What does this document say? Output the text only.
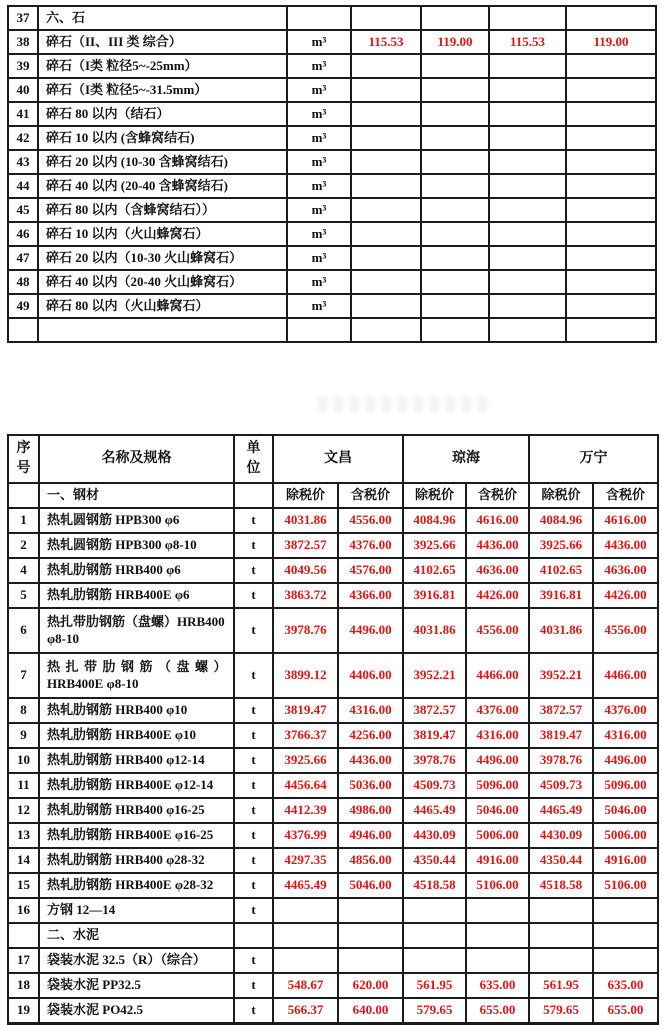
37	六、石					

38	碎石（II、III 类 综合）	m³	115.53	119.00	115.53	119.00
39	碎石（I类 粒径5~-25mm）	m³				
40	碎石（I类 粒径5~-31.5mm）	m³				
41	碎石 80 以内（结石）	m³				
42	碎石 10 以内 (含蜂窝结石)	m³				
43	碎石 20 以内 (10-30 含蜂窝结石)	m³				
44	碎石 40 以内 (20-40 含蜂窝结石)	m³				
45	碎石 80 以内（含蜂窝结石））	m³				
46	碎石 10 以内（火山蜂窝石）	m³				
47	碎石 20 以内（10-30 火山蜂窝石）	m³				
48	碎石 40 以内（20-40 火山蜂窝石）	m³				
49	碎石 80 以内（火山蜂窝石）	m³				

序号	名称及规格	单位	文昌		琼海		万宁	

	一、钢材		除税价	含税价	除税价	含税价	除税价	含税价
1	热轧圆钢筋 HPB300 φ6	t	4031.86	4556.00	4084.96	4616.00	4084.96	4616.00
2	热轧圆钢筋 HPB300 φ8-10	t	3872.57	4376.00	3925.66	4436.00	3925.66	4436.00
4	热轧肋钢筋 HRB400 φ6	t	4049.56	4576.00	4102.65	4636.00	4102.65	4636.00
5	热轧肋钢筋 HRB400E φ6	t	3863.72	4366.00	3916.81	4426.00	3916.81	4426.00
6	热扎带肋钢筋（盘螺）HRB400
φ8-10	t	3978.76	4496.00	4031.86	4556.00	4031.86	4556.00
7	热扎带肋钢筋（盘螺）
HRB400E φ8-10	t	3899.12	4406.00	3952.21	4466.00	3952.21	4466.00
8	热轧肋钢筋 HRB400 φ10	t	3819.47	4316.00	3872.57	4376.00	3872.57	4376.00
9	热轧肋钢筋 HRB400E φ10	t	3766.37	4256.00	3819.47	4316.00	3819.47	4316.00
10	热轧肋钢筋 HRB400 φ12-14	t	3925.66	4436.00	3978.76	4496.00	3978.76	4496.00
11	热轧肋钢筋 HRB400E φ12-14	t	4456.64	5036.00	4509.73	5096.00	4509.73	5096.00
12	热轧肋钢筋 HRB400 φ16-25	t	4412.39	4986.00	4465.49	5046.00	4465.49	5046.00
13	热轧肋钢筋 HRB400E φ16-25	t	4376.99	4946.00	4430.09	5006.00	4430.09	5006.00
14	热轧肋钢筋 HRB400 φ28-32	t	4297.35	4856.00	4350.44	4916.00	4350.44	4916.00
15	热轧肋钢筋 HRB400E φ28-32	t	4465.49	5046.00	4518.58	5106.00	4518.58	5106.00
16	方钢 12—14	t						

	二、水泥							

17	袋装水泥 32.5（R）（综合）	t						
18	袋装水泥 PP32.5	t	548.67	620.00	561.95	635.00	561.95	635.00
19	袋装水泥 PO42.5	t	566.37	640.00	579.65	655.00	579.65	655.00
